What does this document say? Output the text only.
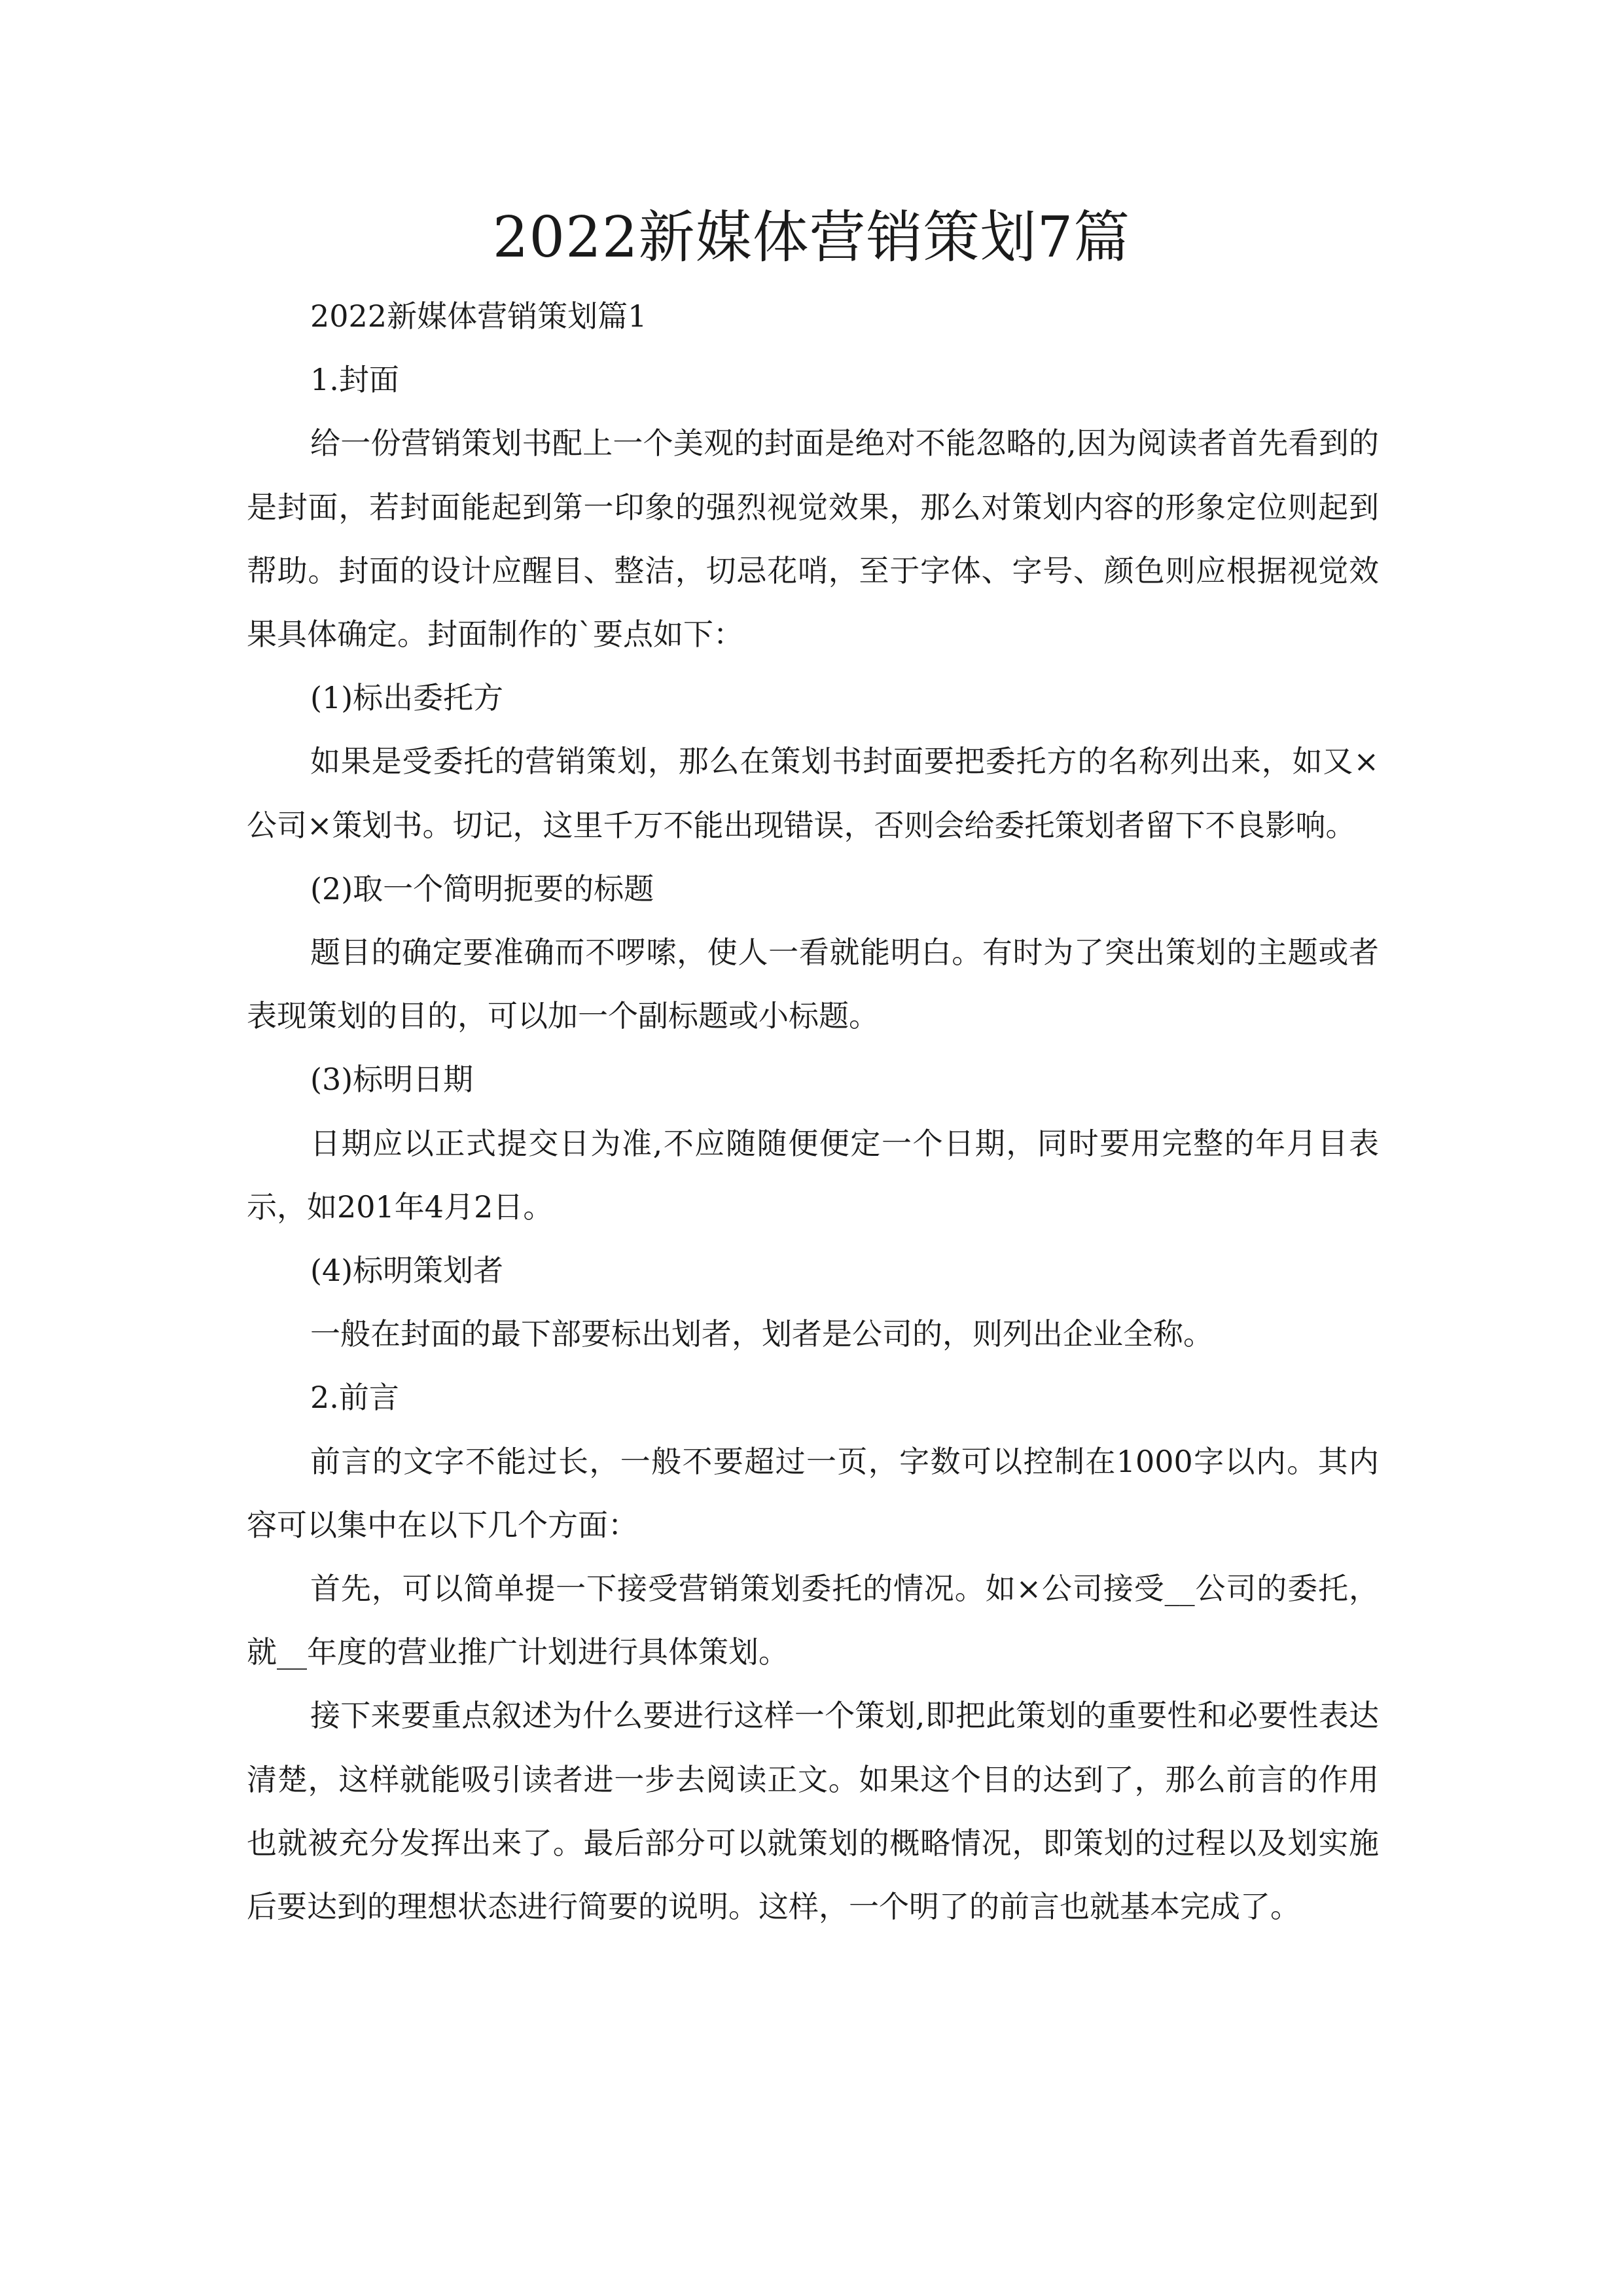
2022新媒体营销策划7篇

2022新媒体营销策划篇1

1.封面

给一份营销策划书配上一个美观的封面是绝对不能忽略的,因为阅读者首先看到的是封面，若封面能起到第一印象的强烈视觉效果，那么对策划内容的形象定位则起到帮助。封面的设计应醒目、整洁，切忌花哨，至于字体、字号、颜色则应根据视觉效果具体确定。封面制作的`要点如下：

(1)标出委托方

如果是受委托的营销策划，那么在策划书封面要把委托方的名称列出来，如又×公司×策划书。切记，这里千万不能出现错误，否则会给委托策划者留下不良影响。

(2)取一个简明扼要的标题

题目的确定要准确而不啰嗦，使人一看就能明白。有时为了突出策划的主题或者表现策划的目的，可以加一个副标题或小标题。

(3)标明日期

日期应以正式提交日为准,不应随随便便定一个日期，同时要用完整的年月目表示，如201年4月2日。

(4)标明策划者

一般在封面的最下部要标出划者，划者是公司的，则列出企业全称。

2.前言

前言的文字不能过长，一般不要超过一页，字数可以控制在1000字以内。其内容可以集中在以下几个方面：

首先，可以简单提一下接受营销策划委托的情况。如×公司接受__公司的委托，就__年度的营业推广计划进行具体策划。

接下来要重点叙述为什么要进行这样一个策划,即把此策划的重要性和必要性表达清楚，这样就能吸引读者进一步去阅读正文。如果这个目的达到了，那么前言的作用也就被充分发挥出来了。最后部分可以就策划的概略情况，即策划的过程以及划实施后要达到的理想状态进行简要的说明。这样，一个明了的前言也就基本完成了。
